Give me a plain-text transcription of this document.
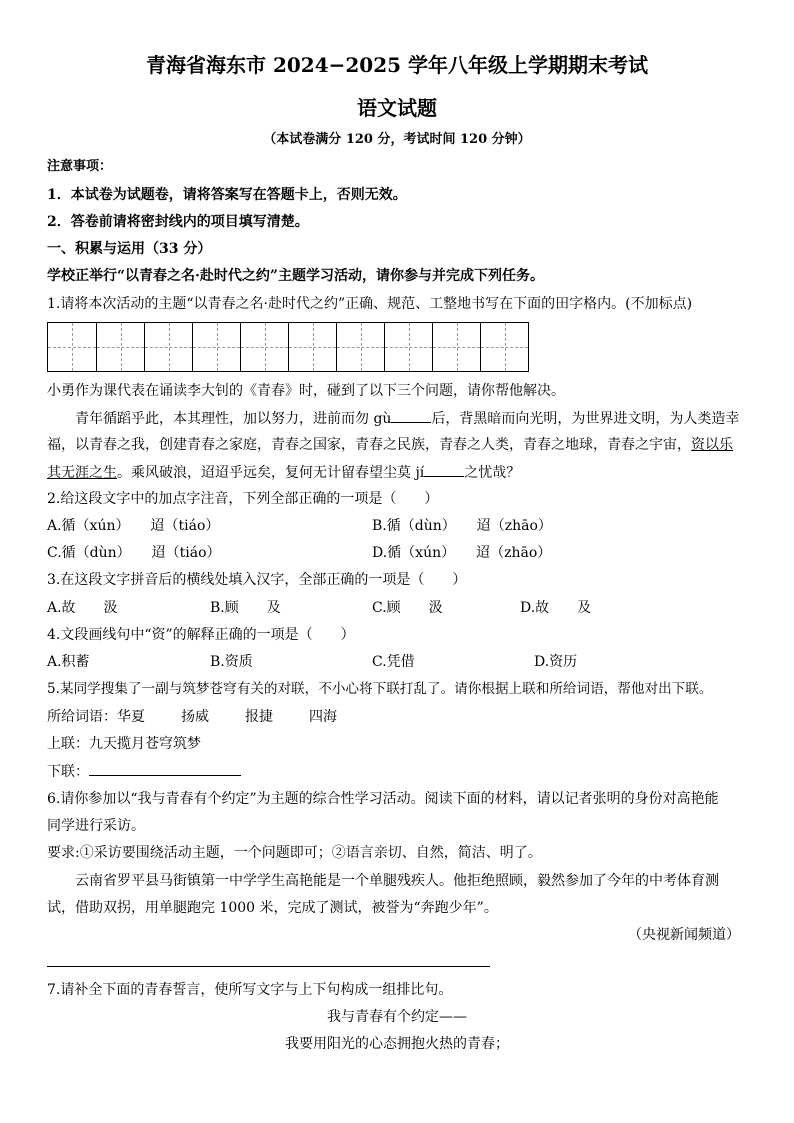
青海省海东市 2024−2025 学年八年级上学期期末考试
语文试题
（本试卷满分 120 分，考试时间 120 分钟）
注意事项：
1．本试卷为试题卷，请将答案写在答题卡上，否则无效。
2．答卷前请将密封线内的项目填写清楚。
一、积累与运用（33 分）
学校正举行“以青春之名·赴时代之约”主题学习活动，请你参与并完成下列任务。
1.请将本次活动的主题“以青春之名·赴时代之约”正确、规范、工整地书写在下面的田字格内。(不加标点)
小勇作为课代表在诵读李大钊的《青春》时，碰到了以下三个问题，请你帮他解决。
青年循蹈乎此，本其理性，加以努力，进前而勿 gù	后，背黑暗而向光明，为世界进文明，为人类造幸
福，以青春之我，创建青春之家庭，青春之国家，青春之民族，青春之人类，青春之地球，青春之宇宙，资以乐
其无涯之生。乘风破浪，迢迢乎远矣，复何无计留春望尘莫 jí	之忧哉？
2.给这段文字中的加点字注音，下列全部正确的一项是（　　）
A.循（xún）　　迢（tiáo）	B.循（dùn）　　迢（zhāo）
C.循（dùn）　　迢（tiáo）	D.循（xún）　　迢（zhāo）
3.在这段文字拼音后的横线处填入汉字，全部正确的一项是（　　）
A.故　　汲	B.顾　　及	C.顾　　汲	D.故　　及
4.文段画线句中“资”的解释正确的一项是（　　）
A.积蓄	B.资质	C.凭借	D.资历
5.某同学搜集了一副与筑梦苍穹有关的对联，不小心将下联打乱了。请你根据上联和所给词语，帮他对出下联。
所给词语：华夏	扬威	报捷	四海
上联：九天揽月苍穹筑梦
下联：
6.请你参加以“我与青春有个约定”为主题的综合性学习活动。阅读下面的材料，请以记者张明的身份对高艳能
同学进行采访。
要求:①采访要围绕活动主题，一个问题即可；②语言亲切、自然，简洁、明了。
云南省罗平县马街镇第一中学学生高艳能是一个单腿残疾人。他拒绝照顾，毅然参加了今年的中考体育测
试，借助双拐，用单腿跑完 1000 米，完成了测试，被誉为“奔跑少年”。
（央视新闻频道）
7.请补全下面的青春誓言，使所写文字与上下句构成一组排比句。
我与青春有个约定——
我要用阳光的心态拥抱火热的青春；
